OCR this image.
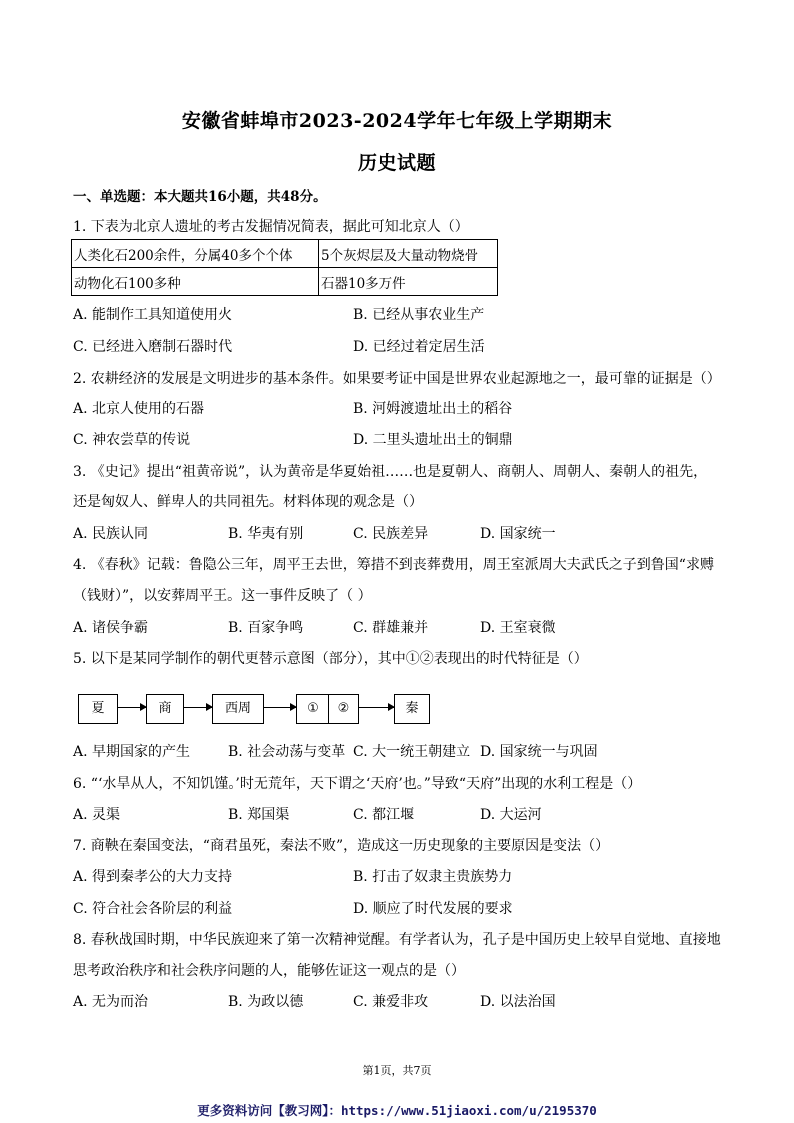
安徽省蚌埠市2023-2024学年七年级上学期期末
历史试题
一、单选题：本大题共16小题，共48分。
1. 下表为北京人遗址的考古发掘情况简表，据此可知北京人（）
人类化石200余件，分属40多个个体	5个灰烬层及大量动物烧骨
动物化石100多种	石器10多万件
A. 能制作工具知道使用火	B. 已经从事农业生产
C. 已经进入磨制石器时代	D. 已经过着定居生活
2. 农耕经济的发展是文明进步的基本条件。如果要考证中国是世界农业起源地之一，最可靠的证据是（）
A. 北京人使用的石器	B. 河姆渡遗址出土的稻谷
C. 神农尝草的传说	D. 二里头遗址出土的铜鼎
3. 《史记》提出“祖黄帝说”，认为黄帝是华夏始祖……也是夏朝人、商朝人、周朝人、秦朝人的祖先，
还是匈奴人、鲜卑人的共同祖先。材料体现的观念是（）
A. 民族认同	B. 华夷有别	C. 民族差异	D. 国家统一
4. 《春秋》记载：鲁隐公三年，周平王去世，筹措不到丧葬费用，周王室派周大夫武氏之子到鲁国“求赙
（钱财）”，以安葬周平王。这一事件反映了（ ）
A. 诸侯争霸	B. 百家争鸣	C. 群雄兼并	D. 王室衰微
5. 以下是某同学制作的朝代更替示意图（部分），其中①②表现出的时代特征是（）
夏	商	西周	①	②	秦
A. 早期国家的产生	B. 社会动荡与变革 C. 大一统王朝建立 D. 国家统一与巩固
6. “‘水旱从人，不知饥馑。’时无荒年，天下谓之‘天府’也。”导致“天府”出现的水利工程是（）
A. 灵渠	B. 郑国渠	C. 都江堰	D. 大运河
7. 商鞅在秦国变法，“商君虽死，秦法不败”，造成这一历史现象的主要原因是变法（）
A. 得到秦孝公的大力支持	B. 打击了奴隶主贵族势力
C. 符合社会各阶层的利益	D. 顺应了时代发展的要求
8. 春秋战国时期，中华民族迎来了第一次精神觉醒。有学者认为，孔子是中国历史上较早自觉地、直接地
思考政治秩序和社会秩序问题的人，能够佐证这一观点的是（）
A. 无为而治	B. 为政以德	C. 兼爱非攻	D. 以法治国
第1页，共7页
更多资料访问【教习网】：https://www.51jiaoxi.com/u/2195370
